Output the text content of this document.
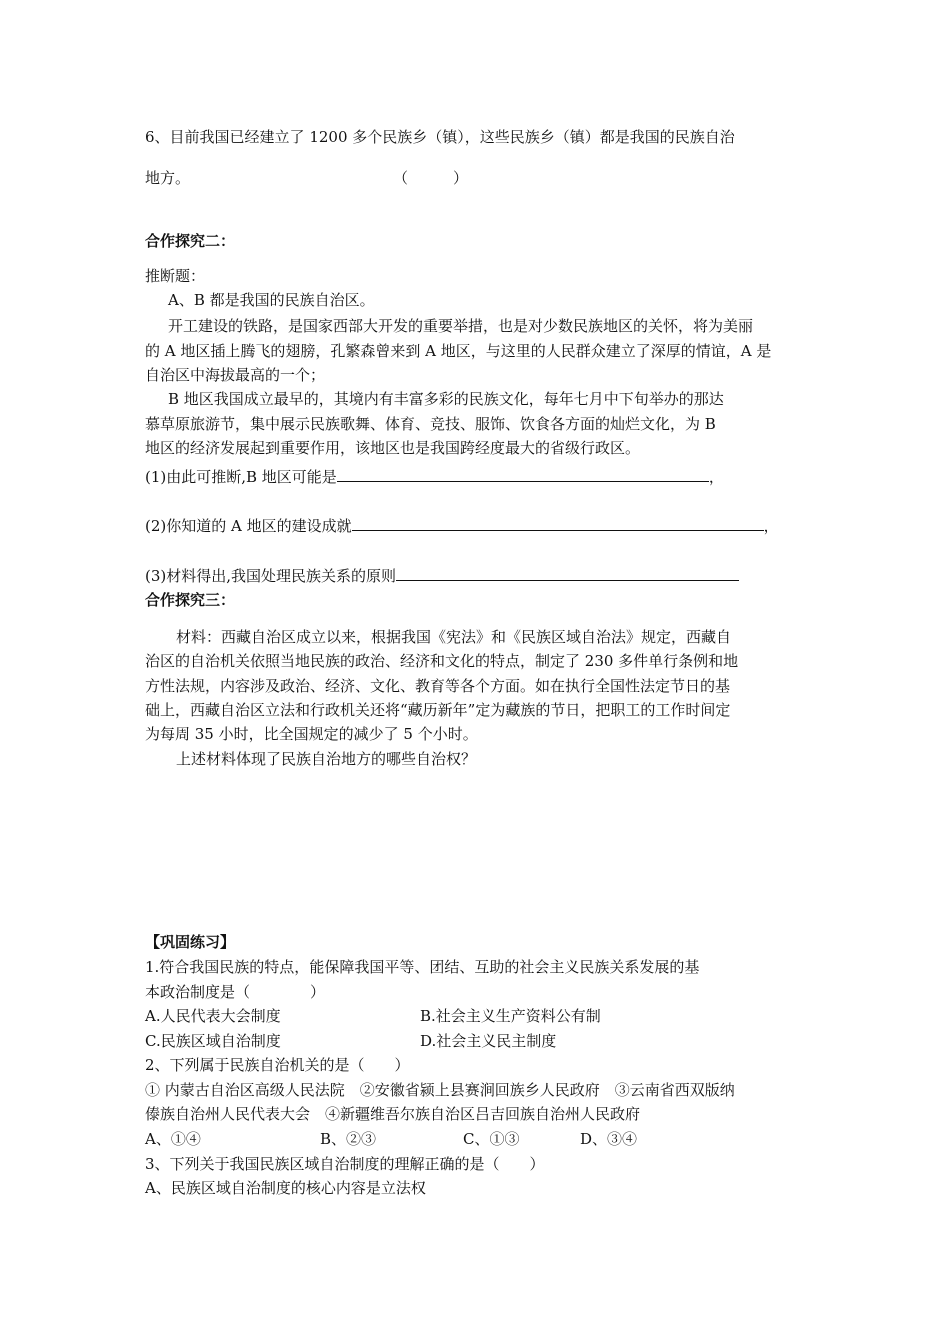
6、目前我国已经建立了 1200 多个民族乡（镇），这些民族乡（镇）都是我国的民族自治
地方。	（　　　）
合作探究二：
推断题：
A、B 都是我国的民族自治区。
开工建设的铁路，是国家西部大开发的重要举措，也是对少数民族地区的关怀，将为美丽
的 A 地区插上腾飞的翅膀，孔繁森曾来到 A 地区，与这里的人民群众建立了深厚的情谊，A 是
自治区中海拔最高的一个；
B 地区我国成立最早的，其境内有丰富多彩的民族文化，每年七月中下旬举办的那达
慕草原旅游节，集中展示民族歌舞、体育、竞技、服饰、饮食各方面的灿烂文化，为 B
地区的经济发展起到重要作用，该地区也是我国跨经度最大的省级行政区。
(1)由此可推断,B 地区可能是	，
(2)你知道的 A 地区的建设成就	，
(3)材料得出,我国处理民族关系的原则
合作探究三：
材料：西藏自治区成立以来，根据我国《宪法》和《民族区域自治法》规定，西藏自
治区的自治机关依照当地民族的政治、经济和文化的特点，制定了 230 多件单行条例和地
方性法规，内容涉及政治、经济、文化、教育等各个方面。如在执行全国性法定节日的基
础上，西藏自治区立法和行政机关还将“藏历新年”定为藏族的节日，把职工的工作时间定
为每周 35 小时，比全国规定的减少了 5 个小时。
上述材料体现了民族自治地方的哪些自治权？
【巩固练习】
1.符合我国民族的特点，能保障我国平等、团结、互助的社会主义民族关系发展的基
本政治制度是（　　　　）
A.人民代表大会制度	B.社会主义生产资料公有制
C.民族区域自治制度	D.社会主义民主制度
2、下列属于民族自治机关的是（　　）
① 内蒙古自治区高级人民法院　②安徽省颍上县赛涧回族乡人民政府　③云南省西双版纳
傣族自治州人民代表大会　④新疆维吾尔族自治区吕吉回族自治州人民政府
A、①④	B、②③	C、①③	D、③④
3、下列关于我国民族区域自治制度的理解正确的是（　　）
A、民族区域自治制度的核心内容是立法权
